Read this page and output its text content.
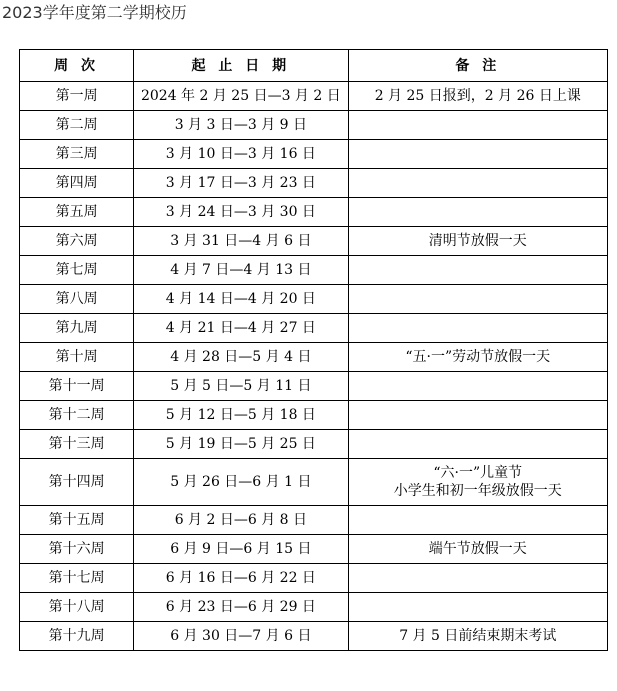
2023学年度第二学期校历
周 次	起 止 日 期	备 注
第一周	2024 年 2 月 25 日—3 月 2 日	2 月 25 日报到，2 月 26 日上课

第二周	3 月 3 日—3 月 9 日	
第三周	3 月 10 日—3 月 16 日	
第四周	3 月 17 日—3 月 23 日	
第五周	3 月 24 日—3 月 30 日	
第六周	3 月 31 日—4 月 6 日	清明节放假一天

第七周	4 月 7 日—4 月 13 日	
第八周	4 月 14 日—4 月 20 日	
第九周	4 月 21 日—4 月 27 日	
第十周	4 月 28 日—5 月 4 日	“五·一”劳动节放假一天

第十一周	5 月 5 日—5 月 11 日	
第十二周	5 月 12 日—5 月 18 日	
第十三周	5 月 19 日—5 月 25 日	
第十四周	5 月 26 日—6 月 1 日	“六·一”儿童节
小学生和初一年级放假一天

第十五周	6 月 2 日—6 月 8 日	
第十六周	6 月 9 日—6 月 15 日	端午节放假一天

第十七周	6 月 16 日—6 月 22 日	
第十八周	6 月 23 日—6 月 29 日	
第十九周	6 月 30 日—7 月 6 日	7 月 5 日前结束期末考试
